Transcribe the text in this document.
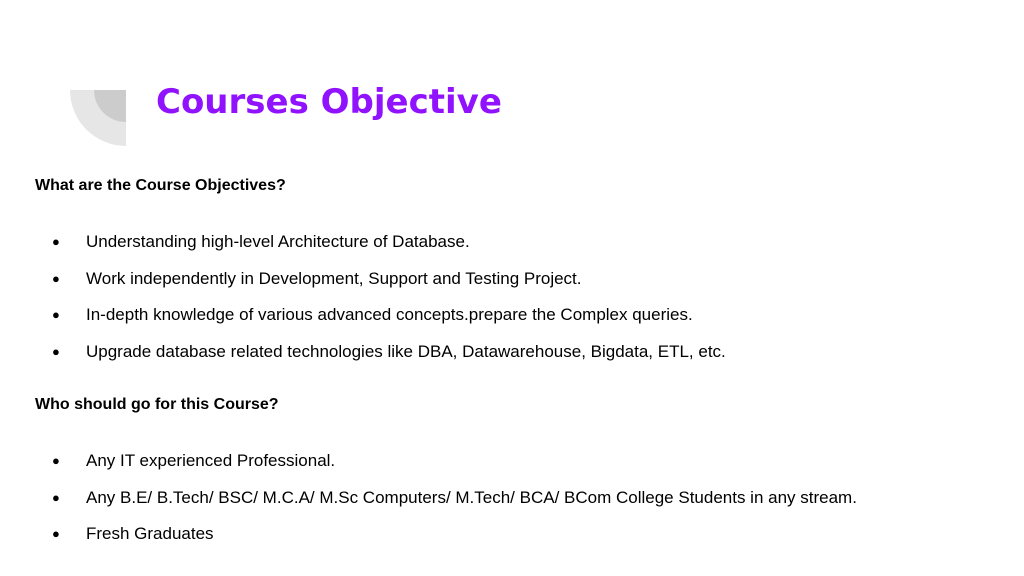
Courses Objective

What are the Course Objectives?

● Understanding high-level Architecture of Database.
● Work independently in Development, Support and Testing Project.
● In-depth knowledge of various advanced concepts.prepare the Complex queries.
● Upgrade database related technologies like DBA, Datawarehouse, Bigdata, ETL, etc.

Who should go for this Course?

● Any IT experienced Professional.
● Any B.E/ B.Tech/ BSC/ M.C.A/ M.Sc Computers/ M.Tech/ BCA/ BCom College Students in any stream.
● Fresh Graduates
